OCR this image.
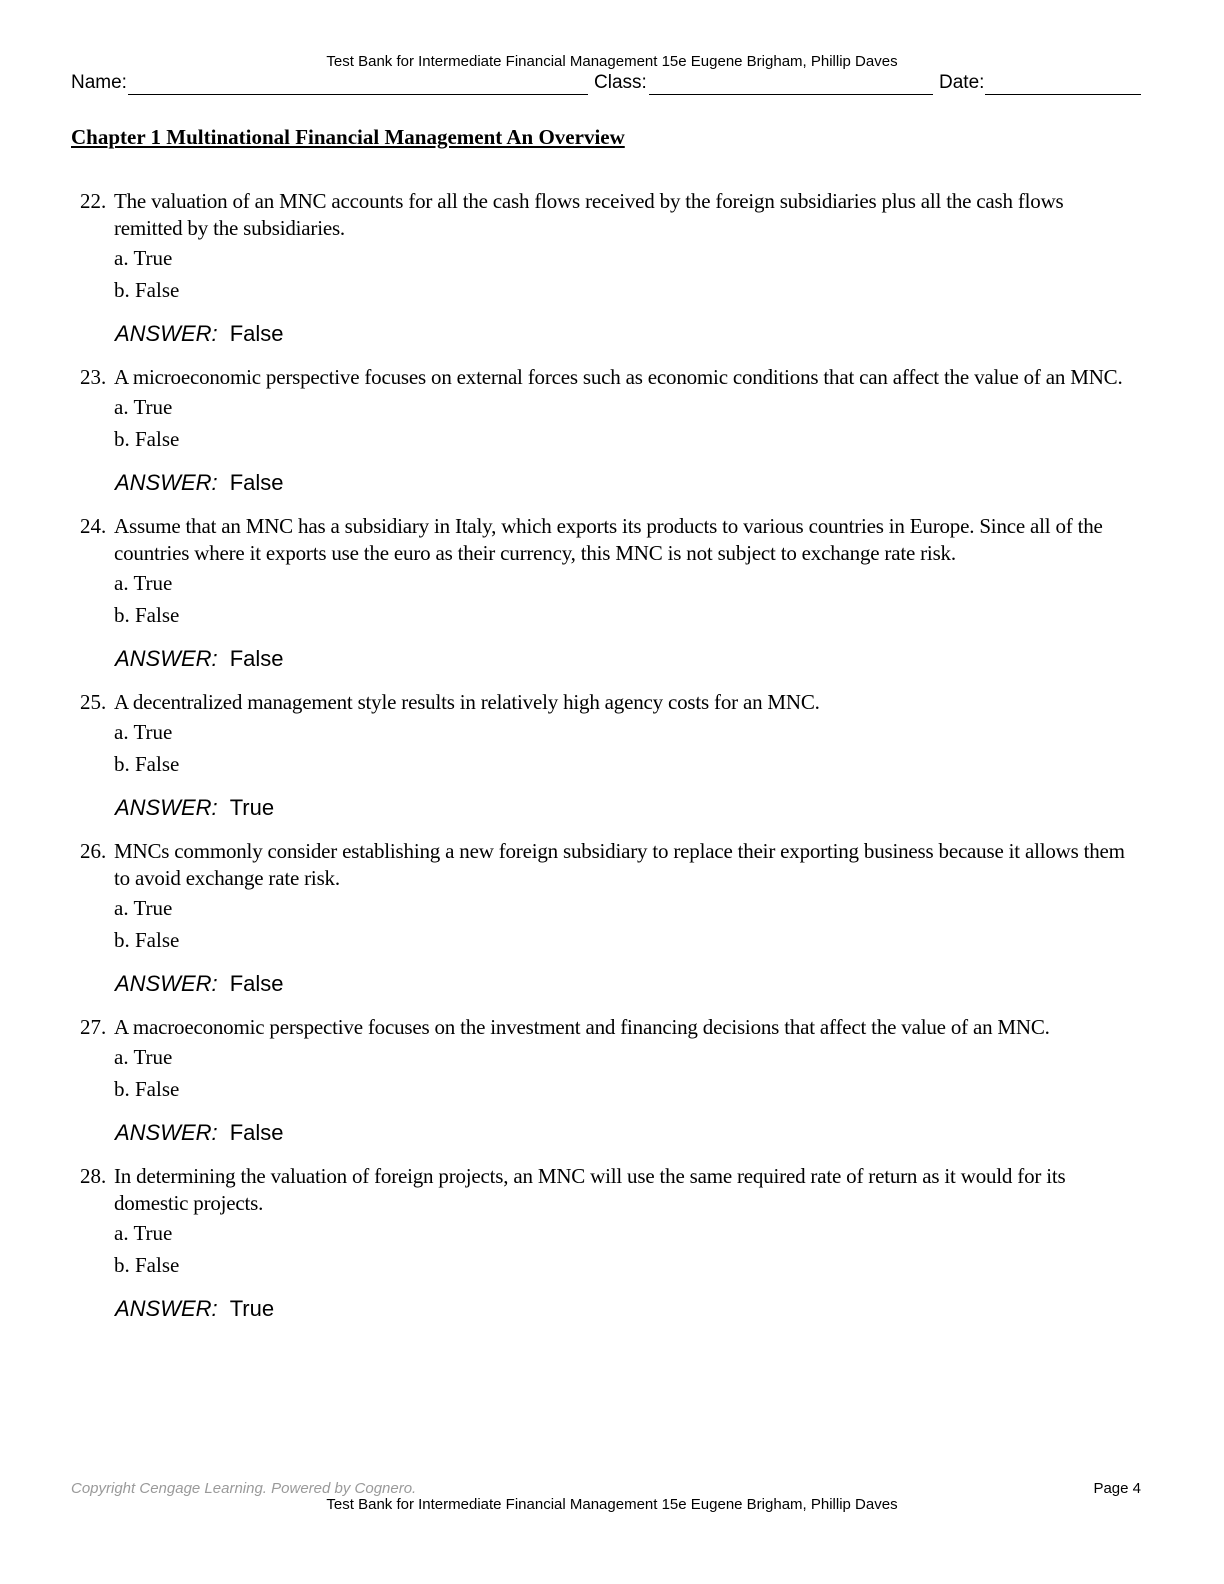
Test Bank for Intermediate Financial Management 15e Eugene Brigham, Phillip Daves
Name:	Class:	Date:
Chapter 1 Multinational Financial Management An Overview
22. The valuation of an MNC accounts for all the cash flows received by the foreign subsidiaries plus all the cash flows remitted by the subsidiaries.
a. True
b. False
ANSWER: False
23. A microeconomic perspective focuses on external forces such as economic conditions that can affect the value of an MNC.
a. True
b. False
ANSWER: False
24. Assume that an MNC has a subsidiary in Italy, which exports its products to various countries in Europe. Since all of the countries where it exports use the euro as their currency, this MNC is not subject to exchange rate risk.
a. True
b. False
ANSWER: False
25. A decentralized management style results in relatively high agency costs for an MNC.
a. True
b. False
ANSWER: True
26. MNCs commonly consider establishing a new foreign subsidiary to replace their exporting business because it allows them to avoid exchange rate risk.
a. True
b. False
ANSWER: False
27. A macroeconomic perspective focuses on the investment and financing decisions that affect the value of an MNC.
a. True
b. False
ANSWER: False
28. In determining the valuation of foreign projects, an MNC will use the same required rate of return as it would for its domestic projects.
a. True
b. False
ANSWER: True
Copyright Cengage Learning. Powered by Cognero.	Page 4
Test Bank for Intermediate Financial Management 15e Eugene Brigham, Phillip Daves
